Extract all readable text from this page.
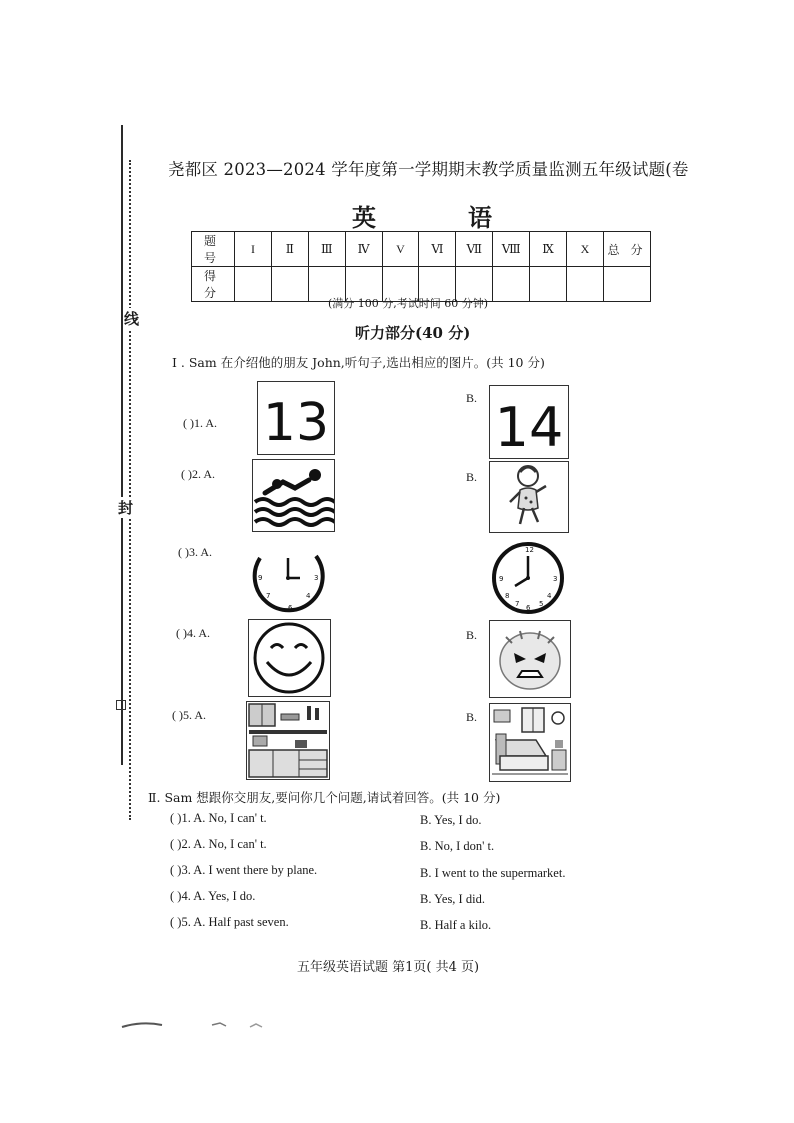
线
封
尧都区 2023—2024 学年度第一学期期末教学质量监测五年级试题(卷
英	语
题 号	I	Ⅱ	Ⅲ	Ⅳ	V	Ⅵ	Ⅶ	Ⅷ	Ⅸ	X	总 分
得 分											
(满分 100 分,考试时间 60 分钟)
听力部分(40 分)
I . Sam 在介绍他的朋友 John,听句子,选出相应的图片。(共 10 分)
( )1. A. 13	B. 14
( )2. A.	B.
( )3. A.
6
9	3
7	4
12
3
6
9
8
7	5
4
( )4. A.	B.
( )5. A.	B.
Ⅱ. Sam 想跟你交朋友,要问你几个问题,请试着回答。(共 10 分)
( )1. A. No, I can' t.	B. Yes, I do.
( )2. A. No, I can' t.	B. No, I don' t.
( )3. A. I went there by plane.	B. I went to the supermarket.
( )4. A. Yes, I do.	B. Yes, I did.
( )5. A. Half past seven.	B. Half a kilo.
五年级英语试题 第1页( 共4 页)
